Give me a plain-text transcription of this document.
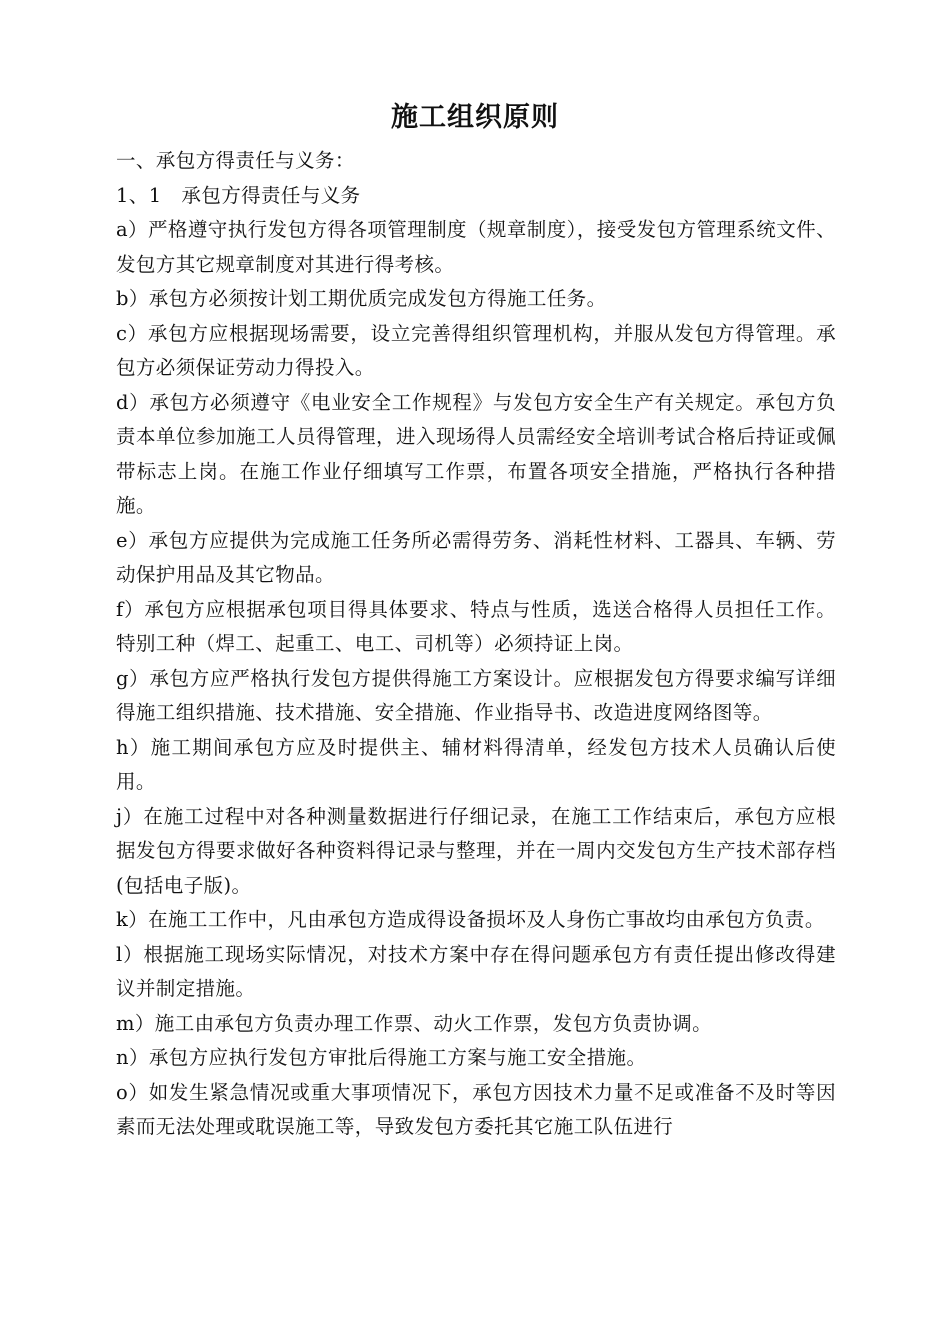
施工组织原则

一、承包方得责任与义务：

1、1　承包方得责任与义务

a）严格遵守执行发包方得各项管理制度（规章制度），接受发包方管理系统文件、发包方其它规章制度对其进行得考核。

b）承包方必须按计划工期优质完成发包方得施工任务。

c）承包方应根据现场需要，设立完善得组织管理机构，并服从发包方得管理。承包方必须保证劳动力得投入。

d）承包方必须遵守《电业安全工作规程》与发包方安全生产有关规定。承包方负责本单位参加施工人员得管理，进入现场得人员需经安全培训考试合格后持证或佩带标志上岗。在施工作业仔细填写工作票，布置各项安全措施，严格执行各种措施。

e）承包方应提供为完成施工任务所必需得劳务、消耗性材料、工器具、车辆、劳动保护用品及其它物品。

f）承包方应根据承包项目得具体要求、特点与性质，选送合格得人员担任工作。特别工种（焊工、起重工、电工、司机等）必须持证上岗。

g）承包方应严格执行发包方提供得施工方案设计。应根据发包方得要求编写详细得施工组织措施、技术措施、安全措施、作业指导书、改造进度网络图等。

h）施工期间承包方应及时提供主、辅材料得清单，经发包方技术人员确认后使用。

j）在施工过程中对各种测量数据进行仔细记录，在施工工作结束后，承包方应根据发包方得要求做好各种资料得记录与整理，并在一周内交发包方生产技术部存档(包括电子版)。

k）在施工工作中，凡由承包方造成得设备损坏及人身伤亡事故均由承包方负责。

l）根据施工现场实际情况，对技术方案中存在得问题承包方有责任提出修改得建议并制定措施。

m）施工由承包方负责办理工作票、动火工作票，发包方负责协调。

n）承包方应执行发包方审批后得施工方案与施工安全措施。

o）如发生紧急情况或重大事项情况下，承包方因技术力量不足或准备不及时等因素而无法处理或耽误施工等，导致发包方委托其它施工队伍进行
